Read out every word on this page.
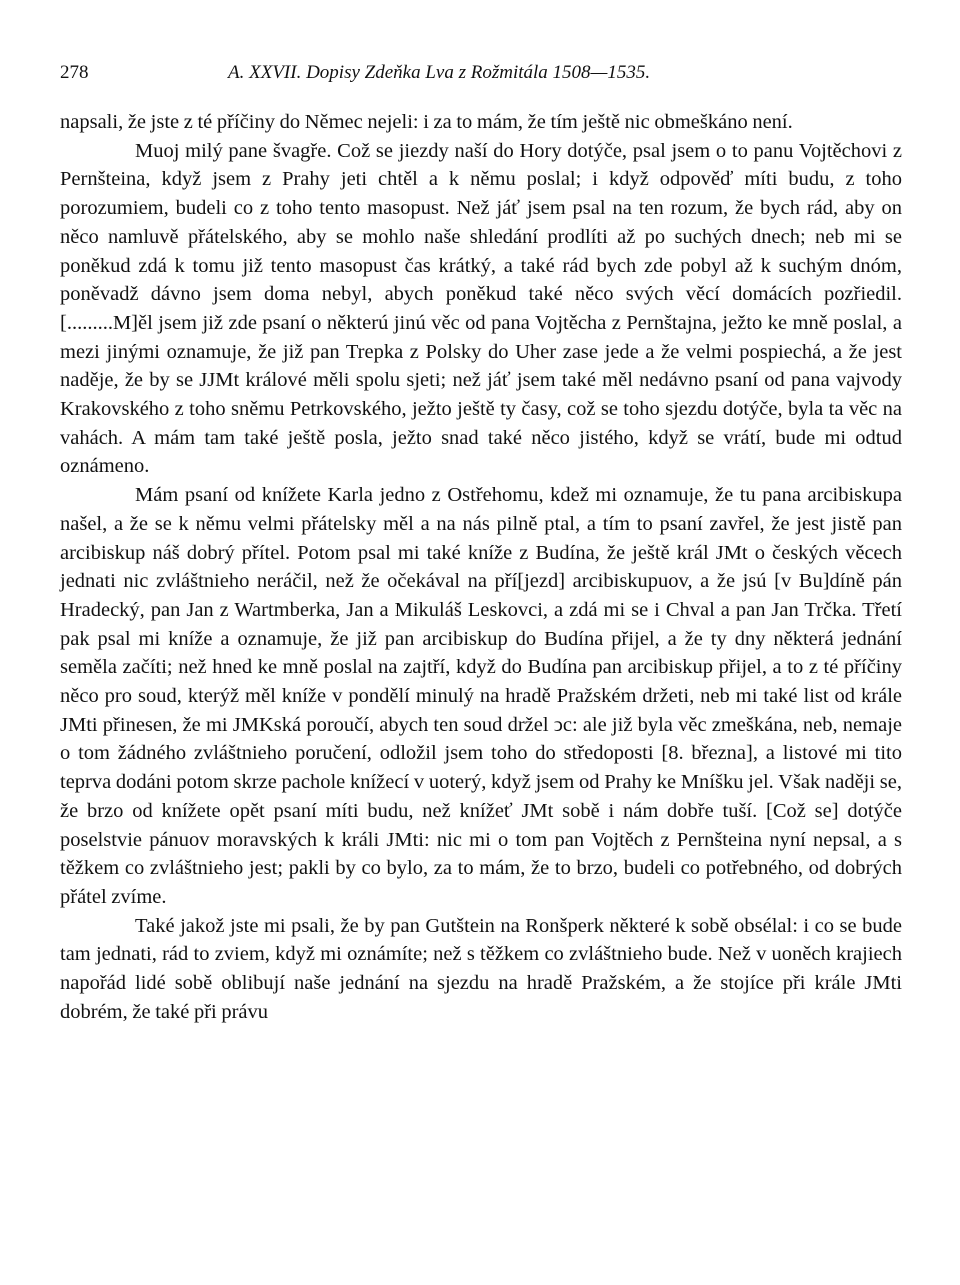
278	A. XXVII. Dopisy Zdeňka Lva z Rožmitála 1508—1535.

napsali, že jste z té příčiny do Němec nejeli: i za to mám, že tím ještě nic obmeškáno není.

Muoj milý pane švagře. Což se jiezdy naší do Hory dotýče, psal jsem o to panu Vojtěchovi z Pernšteina, když jsem z Prahy jeti chtěl a k němu poslal; i když odpověď míti budu, z toho porozumiem, budeli co z toho tento masopust. Než jáť jsem psal na ten rozum, že bych rád, aby on něco namluvě přátelského, aby se mohlo naše shledání prodlíti až po suchých dnech; neb mi se poněkud zdá k tomu již tento masopust čas krátký, a také rád bych zde pobyl až k suchým dnóm, poněvadž dávno jsem doma nebyl, abych poněkud také něco svých věcí domácích pozřiedil. [.........M]ěl jsem již zde psaní o některú jinú věc od pana Vojtěcha z Pernštajna, ježto ke mně poslal, a mezi jinými oznamuje, že již pan Trepka z Polsky do Uher zase jede a že velmi pospiechá, a že jest naděje, že by se JJMt králové měli spolu sjeti; než jáť jsem také měl nedávno psaní od pana vajvody Krakovského z toho sněmu Petrkovského, ježto ještě ty časy, což se toho sjezdu dotýče, byla ta věc na vahách. A mám tam také ještě posla, ježto snad také něco jistého, když se vrátí, bude mi odtud oznámeno.

Mám psaní od knížete Karla jedno z Ostřehomu, kdež mi oznamuje, že tu pana arcibiskupa našel, a že se k němu velmi přátelsky měl a na nás pilně ptal, a tím to psaní zavřel, že jest jistě pan arcibiskup náš dobrý přítel. Potom psal mi také kníže z Budína, že ještě král JMt o českých věcech jednati nic zvláštnieho neráčil, než že očekával na pří[jezd] arcibiskupuov, a že jsú [v Bu]díně pán Hradecký, pan Jan z Wartmberka, Jan a Mikuláš Leskovci, a zdá mi se i Chval a pan Jan Trčka. Třetí pak psal mi kníže a oznamuje, že již pan arcibiskup do Budína přijel, a že ty dny některá jednání seměla začíti; než hned ke mně poslal na zajtří, když do Budína pan arcibiskup přijel, a to z té příčiny něco pro soud, kterýž měl kníže v pondělí minulý na hradě Pražském držeti, neb mi také list od krále JMti přinesen, že mi JMKská poroučí, abych ten soud držel ↄc: ale již byla věc zmeškána, neb, nemaje o tom žádného zvláštnieho poručení, odložil jsem toho do středoposti [8. března], a listové mi tito teprva dodáni potom skrze pachole knížecí v uoterý, když jsem od Prahy ke Mníšku jel. Však naději se, že brzo od knížete opět psaní míti budu, než knížeť JMt sobě i nám dobře tuší. [Což se] dotýče poselstvie pánuov moravských k králi JMti: nic mi o tom pan Vojtěch z Pernšteina nyní nepsal, a s těžkem co zvláštnieho jest; pakli by co bylo, za to mám, že to brzo, budeli co potřebného, od dobrých přátel zvíme.

Také jakož jste mi psali, že by pan Gutštein na Ronšperk některé k sobě obsélal: i co se bude tam jednati, rád to zviem, když mi oznámíte; než s těžkem co zvláštnieho bude. Než v uoněch krajiech napořád lidé sobě oblibují naše jednání na sjezdu na hradě Pražském, a že stojíce při krále JMti dobrém, že také při právu
